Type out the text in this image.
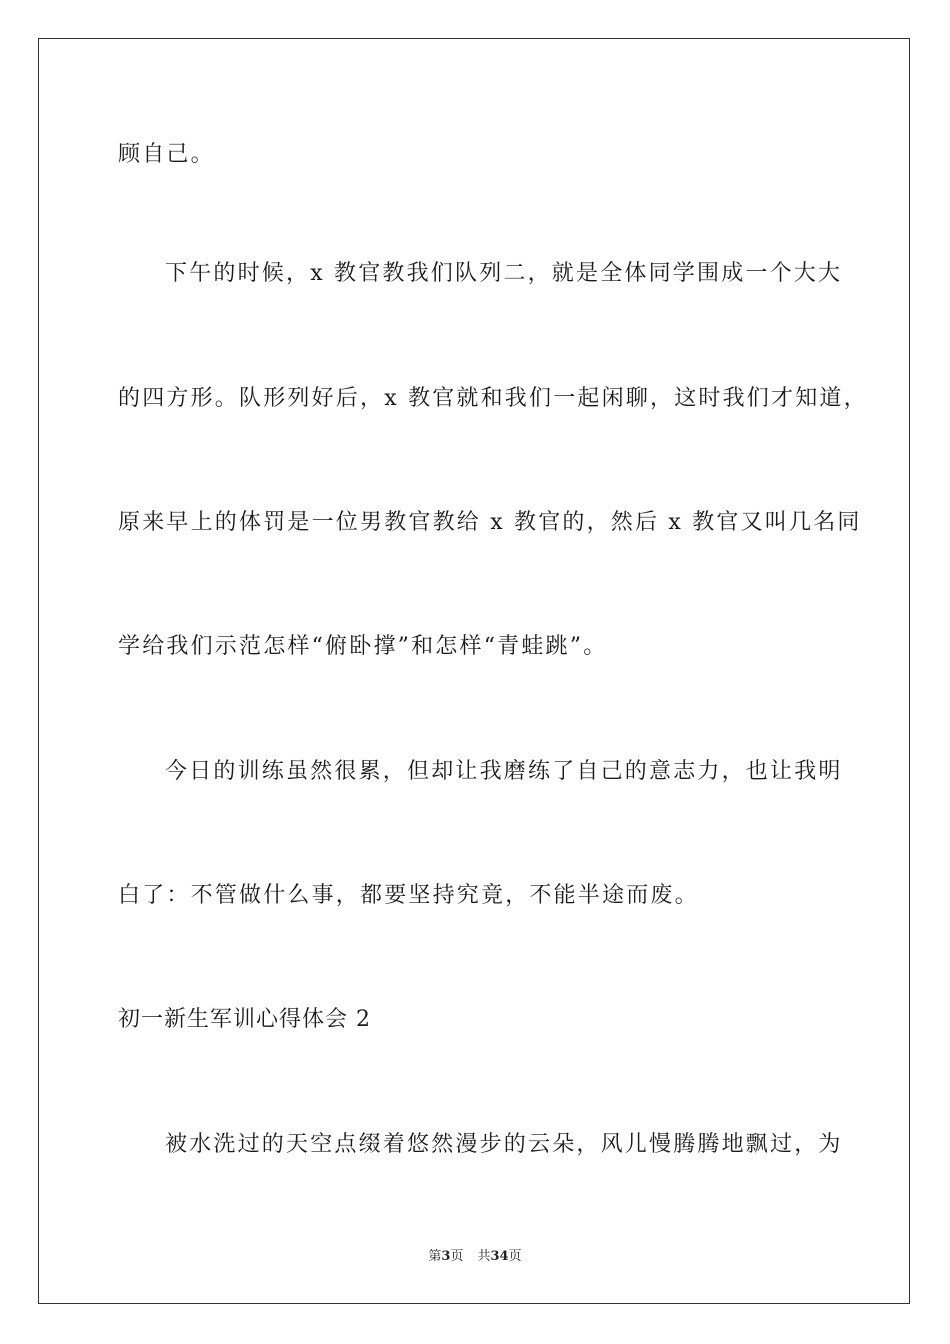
顾自己。
下午的时候，x 教官教我们队列二，就是全体同学围成一个大大
的四方形。队形列好后，x 教官就和我们一起闲聊，这时我们才知道，
原来早上的体罚是一位男教官教给 x 教官的，然后 x 教官又叫几名同
学给我们示范怎样“俯卧撑”和怎样“青蛙跳”。
今日的训练虽然很累，但却让我磨练了自己的意志力，也让我明
白了：不管做什么事，都要坚持究竟，不能半途而废。
初一新生军训心得体会 2
被水洗过的天空点缀着悠然漫步的云朵，风儿慢腾腾地飘过，为
第3页 共34页
